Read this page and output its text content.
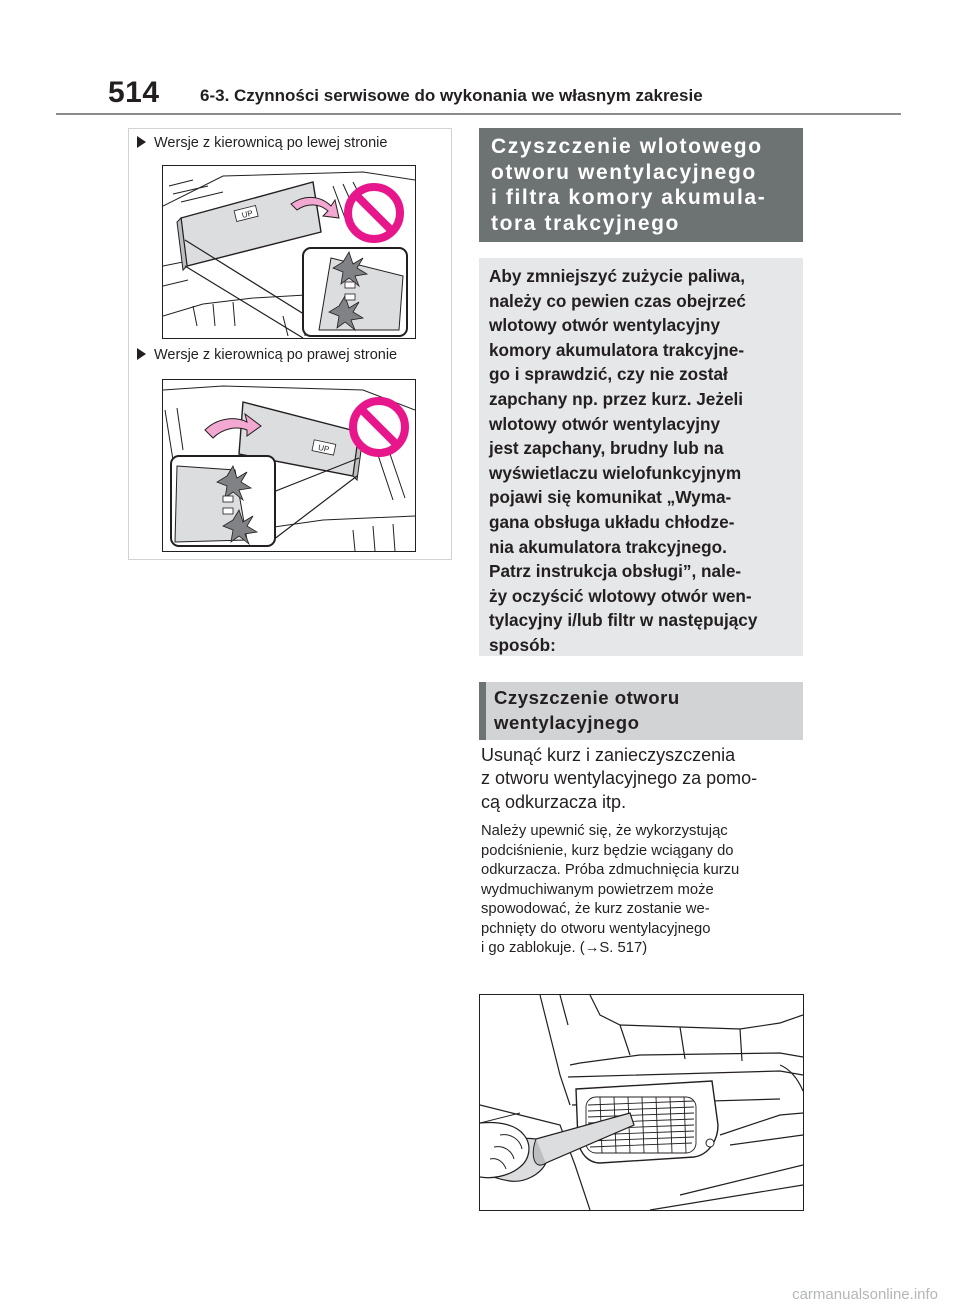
514 6-3. Czynności serwisowe do wykonania we własnym zakresie
Wersje z kierownicą po lewej stronie
UP
Wersje z kierownicą po prawej stronie
UP
Czyszczenie wlotowego
otworu wentylacyjnego
i filtra komory akumula-
tora trakcyjnego
Aby zmniejszyć zużycie paliwa,
należy co pewien czas obejrzeć
wlotowy otwór wentylacyjny
komory akumulatora trakcyjne-
go i sprawdzić, czy nie został
zapchany np. przez kurz. Jeżeli
wlotowy otwór wentylacyjny
jest zapchany, brudny lub na
wyświetlaczu wielofunkcyjnym
pojawi się komunikat „Wyma-
gana obsługa układu chłodze-
nia akumulatora trakcyjnego.
Patrz instrukcja obsługi”, nale-
ży oczyścić wlotowy otwór wen-
tylacyjny i/lub filtr w następujący
sposób:
Czyszczenie otworu
wentylacyjnego
Usunąć kurz i zanieczyszczenia
z otworu wentylacyjnego za pomo-
cą odkurzacza itp.
Należy upewnić się, że wykorzystując
podciśnienie, kurz będzie wciągany do
odkurzacza. Próba zdmuchnięcia kurzu
wydmuchiwanym powietrzem może
spowodować, że kurz zostanie we-
pchnięty do otworu wentylacyjnego
i go zablokuje. (→S. 517)
carmanualsonline.info
